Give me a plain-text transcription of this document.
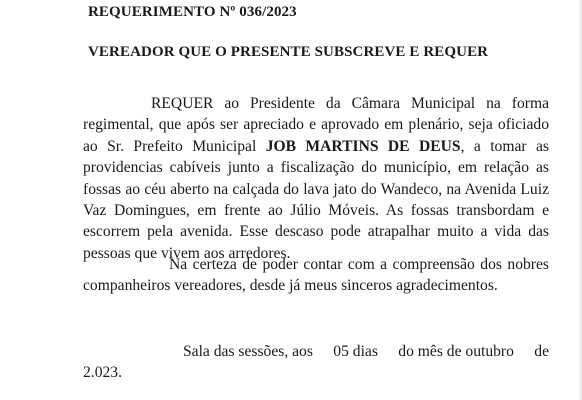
REQUERIMENTO Nº 036/2023
VEREADOR QUE O PRESENTE SUBSCREVE E REQUER
REQUER ao Presidente da Câmara Municipal na forma regimental, que após ser apreciado e aprovado em plenário, seja oficiado ao Sr. Prefeito Municipal JOB MARTINS DE DEUS, a tomar as providencias cabíveis junto a fiscalização do município, em relação as fossas ao céu aberto na calçada do lava jato do Wandeco, na Avenida Luiz Vaz Domingues, em frente ao Júlio Móveis. As fossas transbordam e escorrem pela avenida. Esse descaso pode atrapalhar muito a vida das pessoas que vivem aos arredores.
Na certeza de poder contar com a compreensão dos nobres companheiros vereadores, desde já meus sinceros agradecimentos.
Sala das sessões, aos 05 dias do mês de outubro de
2.023.
